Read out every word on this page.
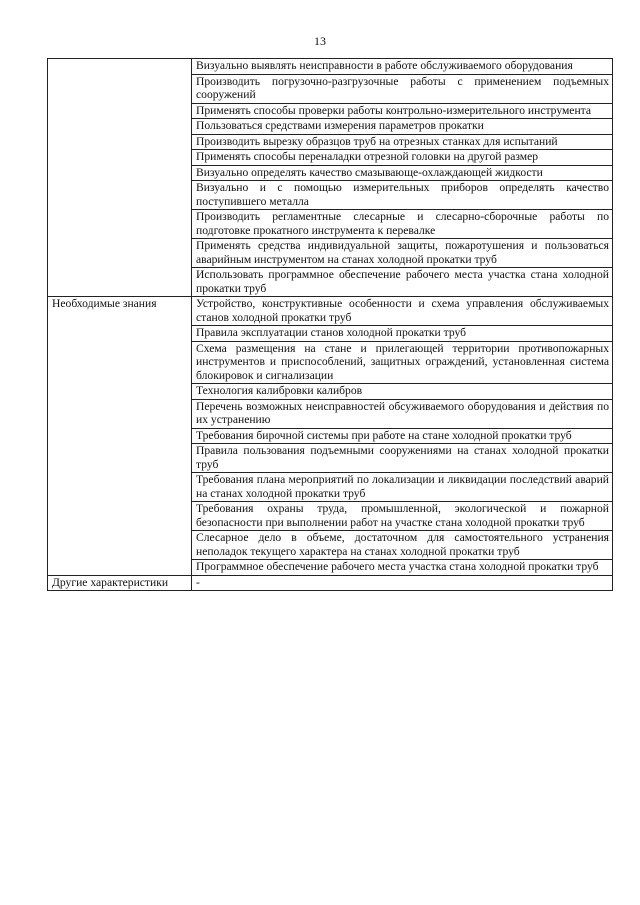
13
	Визуально выявлять неисправности в работе обслуживаемого оборудования
	Производить погрузочно-разгрузочные работы с применением подъемных сооружений
	Применять способы проверки работы контрольно-измерительного инструмента
	Пользоваться средствами измерения параметров прокатки
	Производить вырезку образцов труб на отрезных станках для испытаний
	Применять способы переналадки отрезной головки на другой размер
	Визуально определять качество смазывающе-охлаждающей жидкости
	Визуально и с помощью измерительных приборов определять качество поступившего металла
	Производить регламентные слесарные и слесарно-сборочные работы по подготовке прокатного инструмента к перевалке
	Применять средства индивидуальной защиты, пожаротушения и пользоваться аварийным инструментом на станах холодной прокатки труб
	Использовать программное обеспечение рабочего места участка стана холодной прокатки труб
Необходимые знания	Устройство, конструктивные особенности и схема управления обслуживаемых станов холодной прокатки труб
	Правила эксплуатации станов холодной прокатки труб
	Схема размещения на стане и прилегающей территории противопожарных инструментов и приспособлений, защитных ограждений, установленная система блокировок и сигнализации
	Технология калибровки калибров
	Перечень возможных неисправностей обсуживаемого оборудования и действия по их устранению
	Требования бирочной системы при работе на стане холодной прокатки труб
	Правила пользования подъемными сооружениями на станах холодной прокатки труб
	Требования плана мероприятий по локализации и ликвидации последствий аварий на станах холодной прокатки труб
	Требования охраны труда, промышленной, экологической и пожарной безопасности при выполнении работ на участке стана холодной прокатки труб
	Слесарное дело в объеме, достаточном для самостоятельного устранения неполадок текущего характера на станах холодной прокатки труб
	Программное обеспечение рабочего места участка стана холодной прокатки труб
Другие характеристики	-
